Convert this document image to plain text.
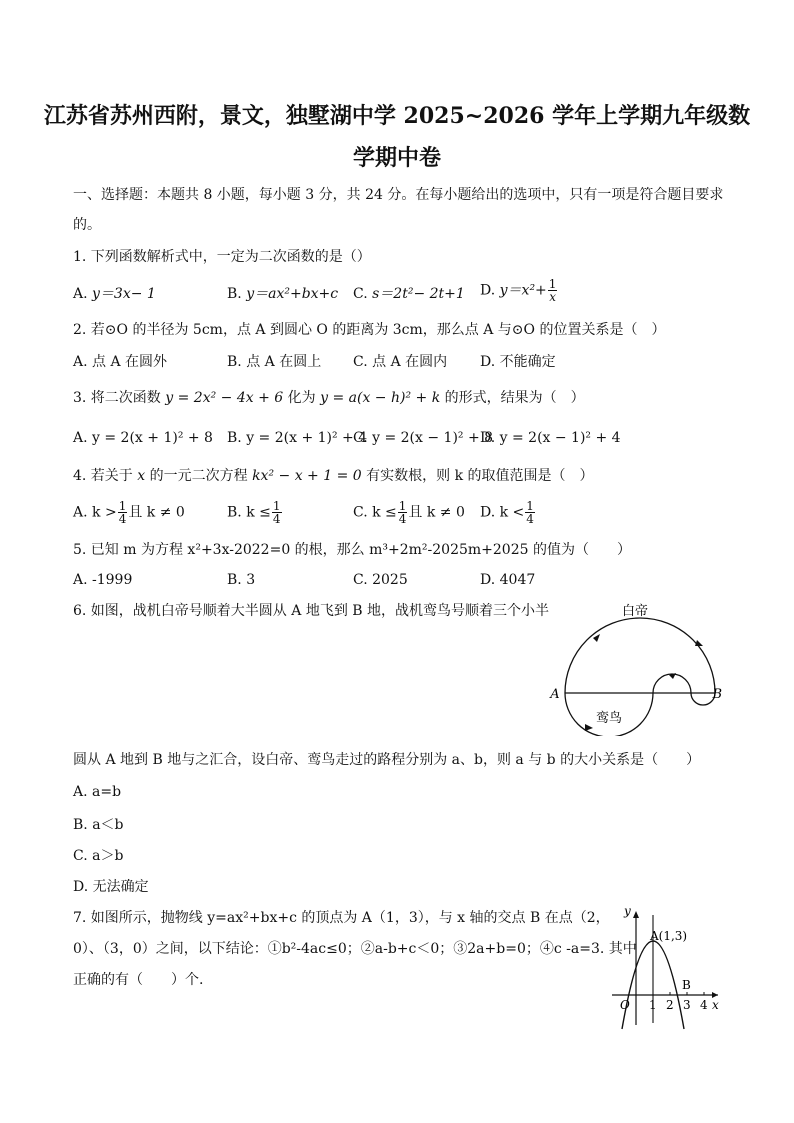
江苏省苏州西附，景文，独墅湖中学 2025~2026 学年上学期九年级数
学期中卷
一、选择题：本题共 8 小题，每小题 3 分，共 24 分。在每小题给出的选项中，只有一项是符合题目要求
的。
1. 下列函数解析式中，一定为二次函数的是（）
A. y＝3x− 1	B. y＝ax²+bx+c C. s＝2t²− 2t+1 D. $y=x^2+ \frac{1}{x}$
2. 若⊙O 的半径为 5cm，点 A 到圆心 O 的距离为 3cm，那么点 A 与⊙O 的位置关系是（　）
A. 点 A 在圆外	B. 点 A 在圆上 C. 点 A 在圆内 D. 不能确定
3. 将二次函数 y = 2x² − 4x + 6 化为 y = a(x − h)² + k 的形式，结果为（　）
A. y = 2(x + 1)² + 8 B. y = 2(x + 1)² + 4
C. y = 2(x − 1)² + 8
D. y = 2(x − 1)² + 4
4. 若关于 x 的一元二次方程 kx² − x + 1 = 0 有实数根，则 k 的取值范围是（　）
A. $k > \frac{1}{4}$ 且 k ≠ 0	B. $k \le \frac{1}{4}$	C. $k \le \frac{1}{4}$ 且 k ≠ 0 D. $k < \frac{1}{4}$
5. 已知 m 为方程 x²+3x-2022=0 的根，那么 m³+2m²-2025m+2025 的值为（　　）
A. -1999	B. 3	C. 2025	D. 4047
6. 如图，战机白帝号顺着大半圆从 A 地飞到 B 地，战机鸾鸟号顺着三个小半	白帝
A	B
鸾鸟
圆从 A 地到 B 地与之汇合，设白帝、鸾鸟走过的路程分别为 a、b，则 a 与 b 的大小关系是（　　）
A. a=b
B. a＜b
C. a＞b
D. 无法确定
7. 如图所示，抛物线 y=ax²+bx+c 的顶点为 A（1，3），与 x 轴的交点 B 在点（2，
0）、（3，0）之间，以下结论：①b²-4ac≤0；②a-b+c＜0；③2a+b=0；④c -a=3. 其中
正确的有（　　）个.
y
x
O 1 2 3 4
A(1,3)
B
